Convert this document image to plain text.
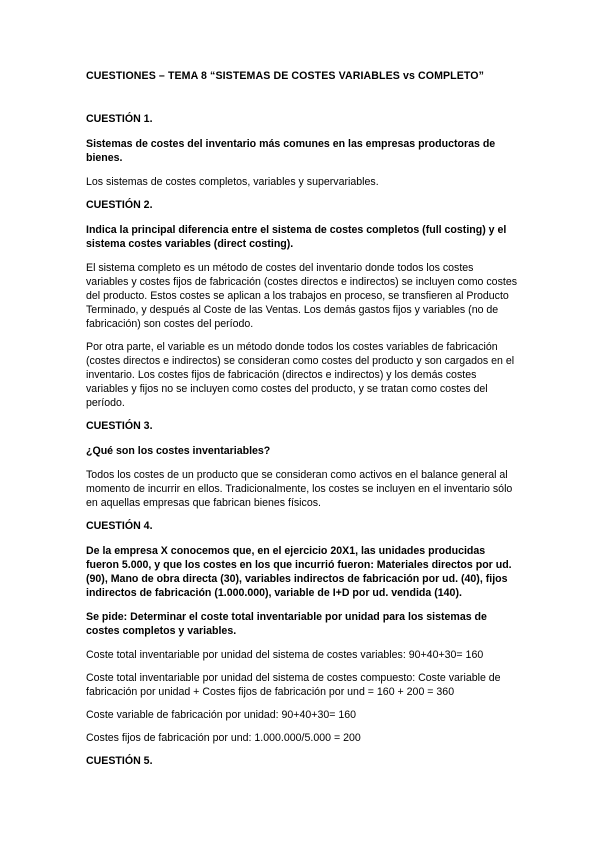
CUESTIONES – TEMA 8 “SISTEMAS DE COSTES VARIABLES vs COMPLETO”
CUESTIÓN 1.
Sistemas de costes del inventario más comunes en las empresas productoras de bienes.
Los sistemas de costes completos, variables y supervariables.
CUESTIÓN 2.
Indica la principal diferencia entre el sistema de costes completos (full costing) y el sistema costes variables (direct costing).
El sistema completo es un método de costes del inventario donde todos los costes variables y costes fijos de fabricación (costes directos e indirectos) se incluyen como costes del producto. Estos costes se aplican a los trabajos en proceso, se transfieren al Producto Terminado, y después al Coste de las Ventas. Los demás gastos fijos y variables (no de fabricación) son costes del período.
Por otra parte, el variable es un método donde todos los costes variables de fabricación (costes directos e indirectos) se consideran como costes del producto y son cargados en el inventario. Los costes fijos de fabricación (directos e indirectos) y los demás costes variables y fijos no se incluyen como costes del producto, y se tratan como costes del período.
CUESTIÓN 3.
¿Qué son los costes inventariables?
Todos los costes de un producto que se consideran como activos en el balance general al momento de incurrir en ellos. Tradicionalmente, los costes se incluyen en el inventario sólo en aquellas empresas que fabrican bienes físicos.
CUESTIÓN 4.
De la empresa X conocemos que, en el ejercicio 20X1, las unidades producidas fueron 5.000, y que los costes en los que incurrió fueron: Materiales directos por ud. (90), Mano de obra directa (30), variables indirectos de fabricación por ud. (40), fijos indirectos de fabricación (1.000.000), variable de I+D por ud. vendida (140).
Se pide: Determinar el coste total inventariable por unidad para los sistemas de costes completos y variables.
Coste total inventariable por unidad del sistema de costes variables: 90+40+30= 160
Coste total inventariable por unidad del sistema de costes compuesto: Coste variable de fabricación por unidad + Costes fijos de fabricación por und = 160 + 200 = 360
Coste variable de fabricación por unidad: 90+40+30= 160
Costes fijos de fabricación por und: 1.000.000/5.000 = 200
CUESTIÓN 5.
